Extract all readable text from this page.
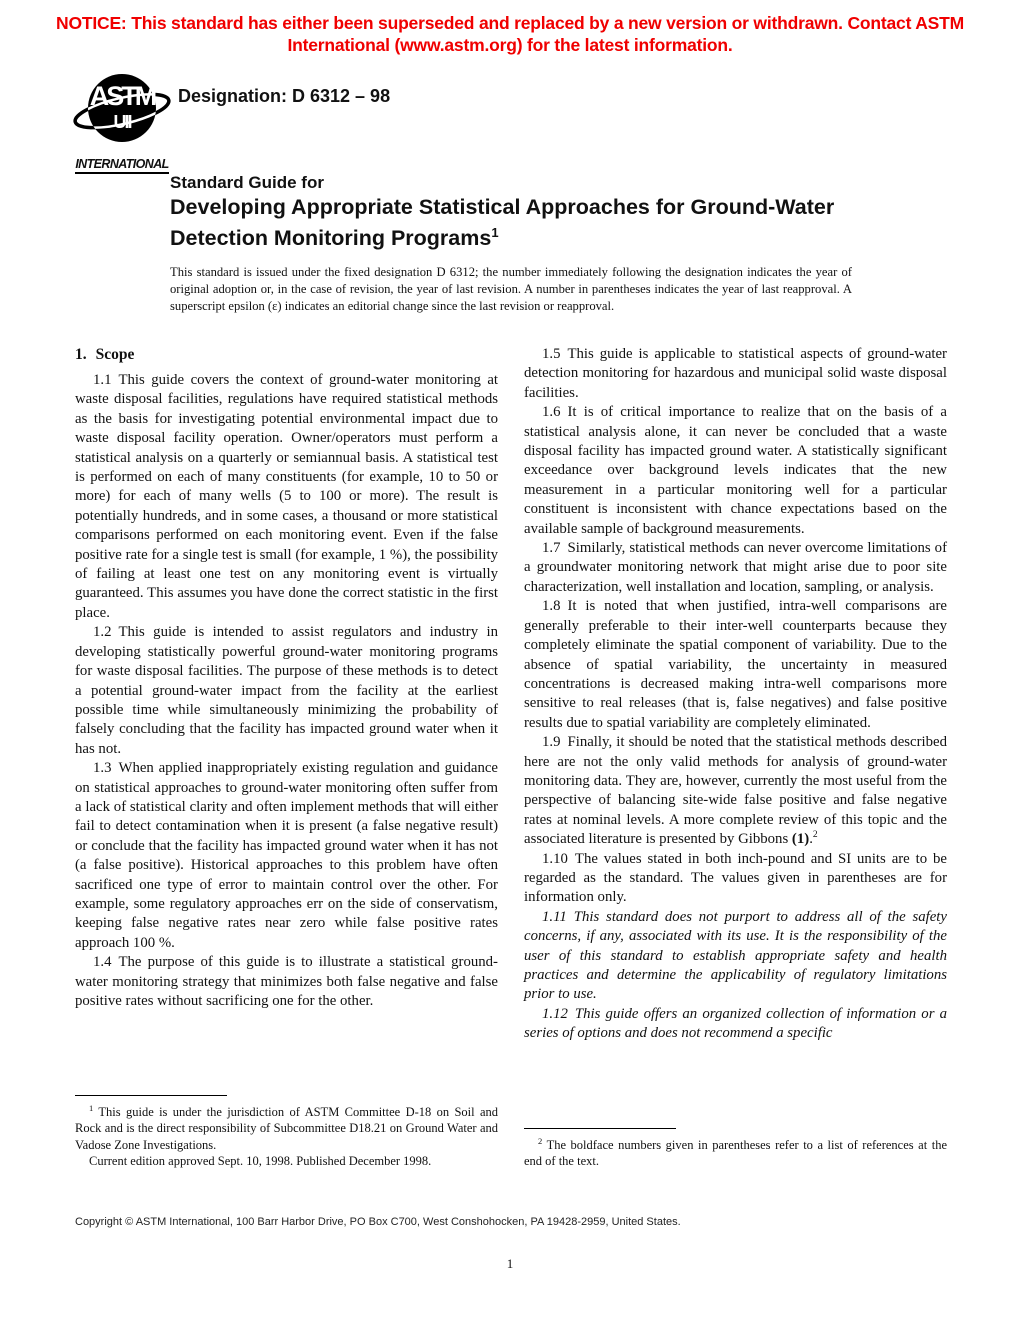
NOTICE: This standard has either been superseded and replaced by a new version or withdrawn. Contact ASTM International (www.astm.org) for the latest information.
ASTM
UII
INTERNATIONAL
Designation: D 6312 – 98
Standard Guide for
Developing Appropriate Statistical Approaches for Ground-Water Detection Monitoring Programs$^1$
This standard is issued under the fixed designation D 6312; the number immediately following the designation indicates the year of original adoption or, in the case of revision, the year of last revision. A number in parentheses indicates the year of last reapproval. A superscript epsilon (ε) indicates an editorial change since the last revision or reapproval.

1. Scope

1.1 This guide covers the context of ground-water monitoring at waste disposal facilities, regulations have required statistical methods as the basis for investigating potential environmental impact due to waste disposal facility operation. Owner/operators must perform a statistical analysis on a quarterly or semiannual basis. A statistical test is performed on each of many constituents (for example, 10 to 50 or more) for each of many wells (5 to 100 or more). The result is potentially hundreds, and in some cases, a thousand or more statistical comparisons performed on each monitoring event. Even if the false positive rate for a single test is small (for example, 1 %), the possibility of failing at least one test on any monitoring event is virtually guaranteed. This assumes you have done the correct statistic in the first place.

1.2 This guide is intended to assist regulators and industry in developing statistically powerful ground-water monitoring programs for waste disposal facilities. The purpose of these methods is to detect a potential ground-water impact from the facility at the earliest possible time while simultaneously minimizing the probability of falsely concluding that the facility has impacted ground water when it has not.

1.3 When applied inappropriately existing regulation and guidance on statistical approaches to ground-water monitoring often suffer from a lack of statistical clarity and often implement methods that will either fail to detect contamination when it is present (a false negative result) or conclude that the facility has impacted ground water when it has not (a false positive). Historical approaches to this problem have often sacrificed one type of error to maintain control over the other. For example, some regulatory approaches err on the side of conservatism, keeping false negative rates near zero while false positive rates approach 100 %.

1.4 The purpose of this guide is to illustrate a statistical ground-water monitoring strategy that minimizes both false negative and false positive rates without sacrificing one for the other.

$^1$ This guide is under the jurisdiction of ASTM Committee D-18 on Soil and Rock and is the direct responsibility of Subcommittee D18.21 on Ground Water and Vadose Zone Investigations.

Current edition approved Sept. 10, 1998. Published December 1998.

1.5 This guide is applicable to statistical aspects of ground-water detection monitoring for hazardous and municipal solid waste disposal facilities.

1.6 It is of critical importance to realize that on the basis of a statistical analysis alone, it can never be concluded that a waste disposal facility has impacted ground water. A statistically significant exceedance over background levels indicates that the new measurement in a particular monitoring well for a particular constituent is inconsistent with chance expectations based on the available sample of background measurements.

1.7 Similarly, statistical methods can never overcome limitations of a groundwater monitoring network that might arise due to poor site characterization, well installation and location, sampling, or analysis.

1.8 It is noted that when justified, intra-well comparisons are generally preferable to their inter-well counterparts because they completely eliminate the spatial component of variability. Due to the absence of spatial variability, the uncertainty in measured concentrations is decreased making intra-well comparisons more sensitive to real releases (that is, false negatives) and false positive results due to spatial variability are completely eliminated.

1.9 Finally, it should be noted that the statistical methods described here are not the only valid methods for analysis of ground-water monitoring data. They are, however, currently the most useful from the perspective of balancing site-wide false positive and false negative rates at nominal levels. A more complete review of this topic and the associated literature is presented by Gibbons (1).$^2$

1.10 The values stated in both inch-pound and SI units are to be regarded as the standard. The values given in parentheses are for information only.

1.11 This standard does not purport to address all of the safety concerns, if any, associated with its use. It is the responsibility of the user of this standard to establish appropriate safety and health practices and determine the applicability of regulatory limitations prior to use.

1.12 This guide offers an organized collection of information or a series of options and does not recommend a specific

$^2$ The boldface numbers given in parentheses refer to a list of references at the end of the text.

Copyright © ASTM International, 100 Barr Harbor Drive, PO Box C700, West Conshohocken, PA 19428-2959, United States.
1
